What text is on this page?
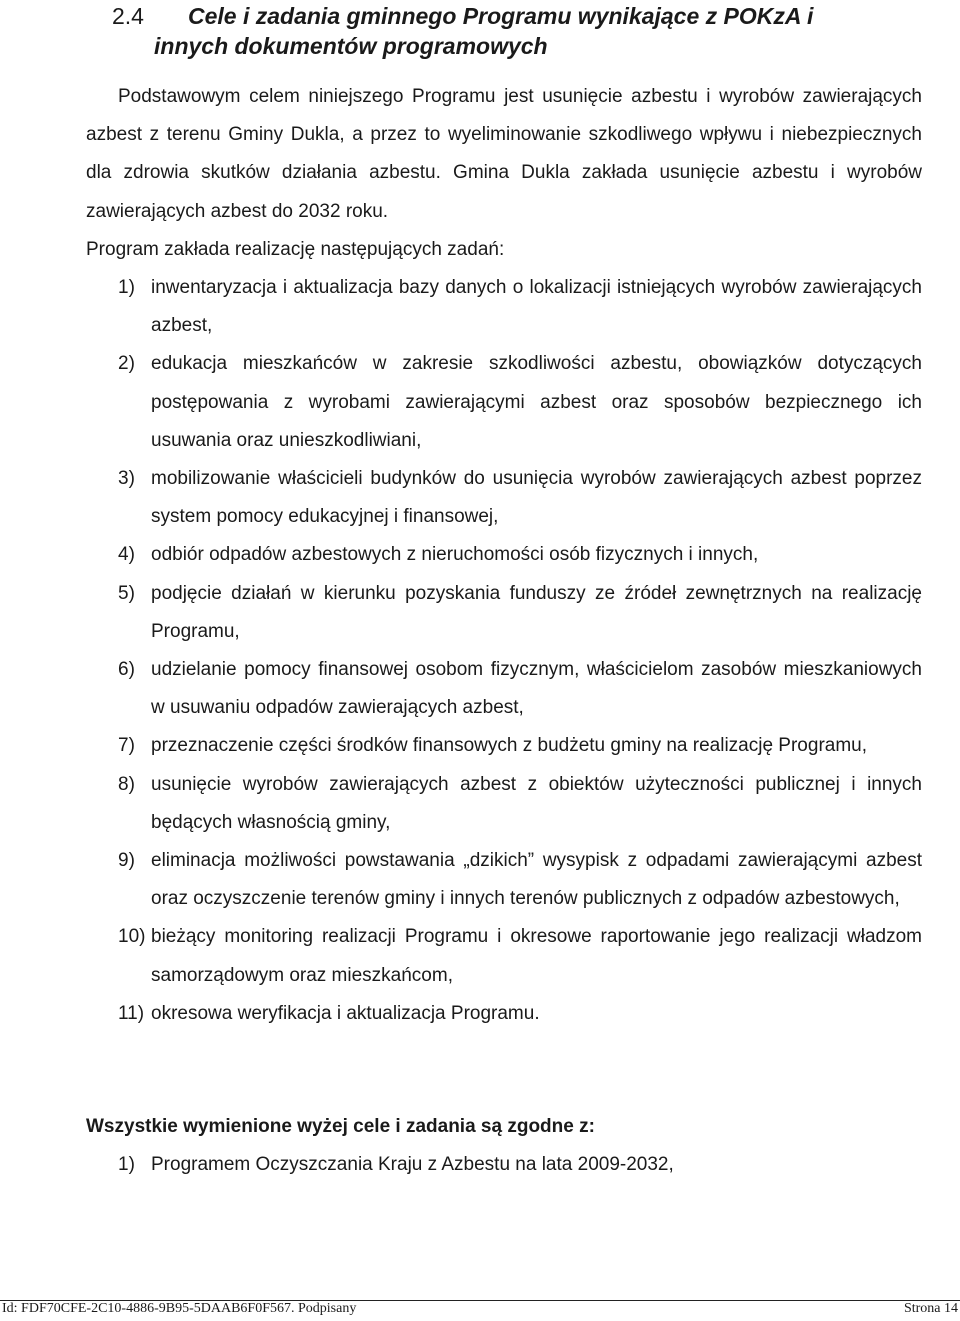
2.4 Cele i zadania gminnego Programu wynikające z POKzA i
innych dokumentów programowych

Podstawowym celem niniejszego Programu jest usunięcie azbestu i wyrobów zawierających azbest z terenu Gminy Dukla, a przez to wyeliminowanie szkodliwego wpływu i niebezpiecznych dla zdrowia skutków działania azbestu. Gmina Dukla zakłada usunięcie azbestu i wyrobów zawierających azbest do 2032 roku.

Program zakłada realizację następujących zadań:

1) inwentaryzacja i aktualizacja bazy danych o lokalizacji istniejących wyrobów zawierających azbest,
2) edukacja mieszkańców w zakresie szkodliwości azbestu, obowiązków dotyczących postępowania z wyrobami zawierającymi azbest oraz sposobów bezpiecznego ich usuwania oraz unieszkodliwiani,
3) mobilizowanie właścicieli budynków do usunięcia wyrobów zawierających azbest poprzez system pomocy edukacyjnej i finansowej,
4) odbiór odpadów azbestowych z nieruchomości osób fizycznych i innych,
5) podjęcie działań w kierunku pozyskania funduszy ze źródeł zewnętrznych na realizację Programu,
6) udzielanie pomocy finansowej osobom fizycznym, właścicielom zasobów mieszkaniowych w usuwaniu odpadów zawierających azbest,
7) przeznaczenie części środków finansowych z budżetu gminy na realizację Programu,
8) usunięcie wyrobów zawierających azbest z obiektów użyteczności publicznej i innych będących własnością gminy,
9) eliminacja możliwości powstawania „dzikich” wysypisk z odpadami zawierającymi azbest oraz oczyszczenie terenów gminy i innych terenów publicznych z odpadów azbestowych,
10) bieżący monitoring realizacji Programu i okresowe raportowanie jego realizacji władzom samorządowym oraz mieszkańcom,
11) okresowa weryfikacja i aktualizacja Programu.

Wszystkie wymienione wyżej cele i zadania są zgodne z:

1) Programem Oczyszczania Kraju z Azbestu na lata 2009-2032,
Id: FDF70CFE-2C10-4886-9B95-5DAAB6F0F567. Podpisany	Strona 14
